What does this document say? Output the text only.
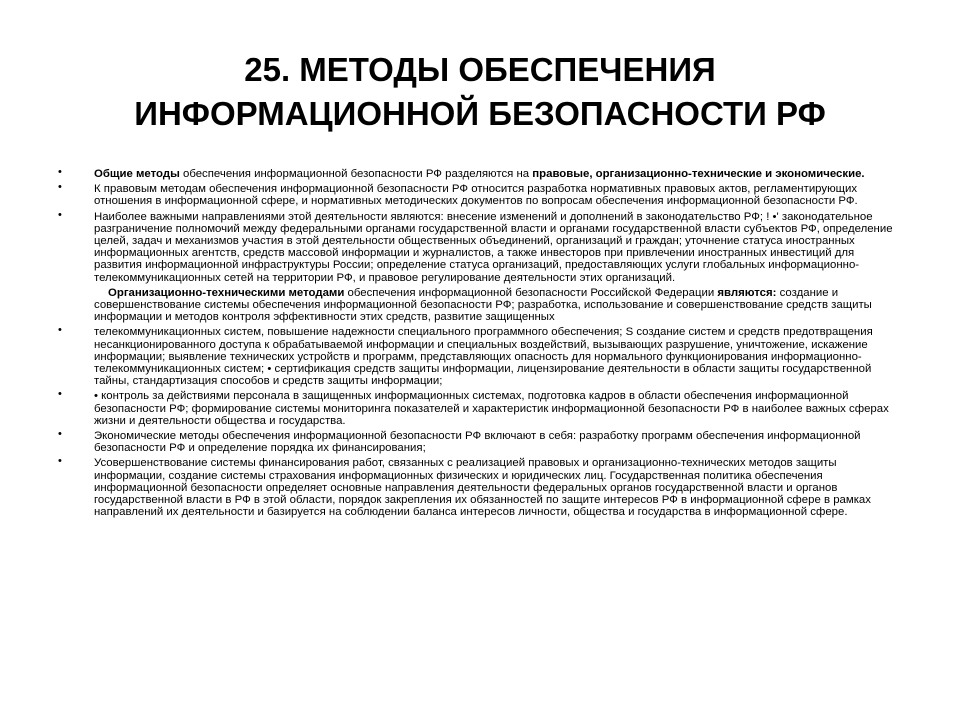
25. МЕТОДЫ ОБЕСПЕЧЕНИЯ
ИНФОРМАЦИОННОЙ БЕЗОПАСНОСТИ РФ
•	Общие методы обеспечения информационной безопасности РФ разделяются на правовые, организационно-технические и экономические.

•	К правовым методам обеспечения информационной безопасности РФ относится разработка нормативных правовых актов, регламентирующих отношения в информационной сфере, и нормативных методических документов по вопросам обеспечения информационной безопасности РФ.

•	Наиболее важными направлениями этой деятельности являются: внесение изменений и дополнений в законодательство РФ; ! •' законодательное разграничение полномочий между федеральными органами государственной власти и органами государственной власти субъектов РФ, определение целей, задач и механизмов участия в этой деятельности общественных объединений, организаций и граждан; уточнение статуса иностранных информационных агентств, средств массовой информации и журналистов, а также инвесторов при привлечении иностранных инвестиций для развития информационной инфраструктуры России; определение статуса организаций, предоставляющих услуги глобальных информационно-телекоммуникационных сетей на территории РФ, и правовое регулирование деятельности этих организаций.

Организационно-техническими методами обеспечения информационной безопасности Российской Федерации являются: создание и совершенствование системы обеспечения информационной безопасности РФ; разработка, использование и совершенствование средств защиты информации и методов контроля эффективности этих средств, развитие защищенных

•	телекоммуникационных систем, повышение надежности специального программного обеспечения; S создание систем и средств предотвращения несанкционированного доступа к обрабатываемой информации и специальных воздействий, вызывающих разрушение, уничтожение, искажение информации; выявление технических устройств и программ, представляющих опасность для нормального функционирования информационно-телекоммуникационных систем; • сертификация средств защиты информации, лицензирование деятельности в области защиты государственной тайны, стандартизация способов и средств защиты информации;

•	• контроль за действиями персонала в защищенных информационных системах, подготовка кадров в области обеспечения информационной безопасности РФ; формирование системы мониторинга показателей и характеристик информационной безопасности РФ в наиболее важных сферах жизни и деятельности общества и государства.

•	Экономические методы обеспечения информационной безопасности РФ включают в себя: разработку программ обеспечения информационной безопасности РФ и определение порядка их финансирования;

•	Усовершенствование системы финансирования работ, связанных с реализацией правовых и организационно-технических методов защиты информации, создание системы страхования информационных физических и юридических лиц. Государственная политика обеспечения информационной безопасности определяет основные направления деятельности федеральных органов государственной власти и органов государственной власти в РФ в этой области, порядок закрепления их обязанностей по защите интересов РФ в информационной сфере в рамках направлений их деятельности и базируется на соблюдении баланса интересов личности, общества и государства в информационной сфере.
